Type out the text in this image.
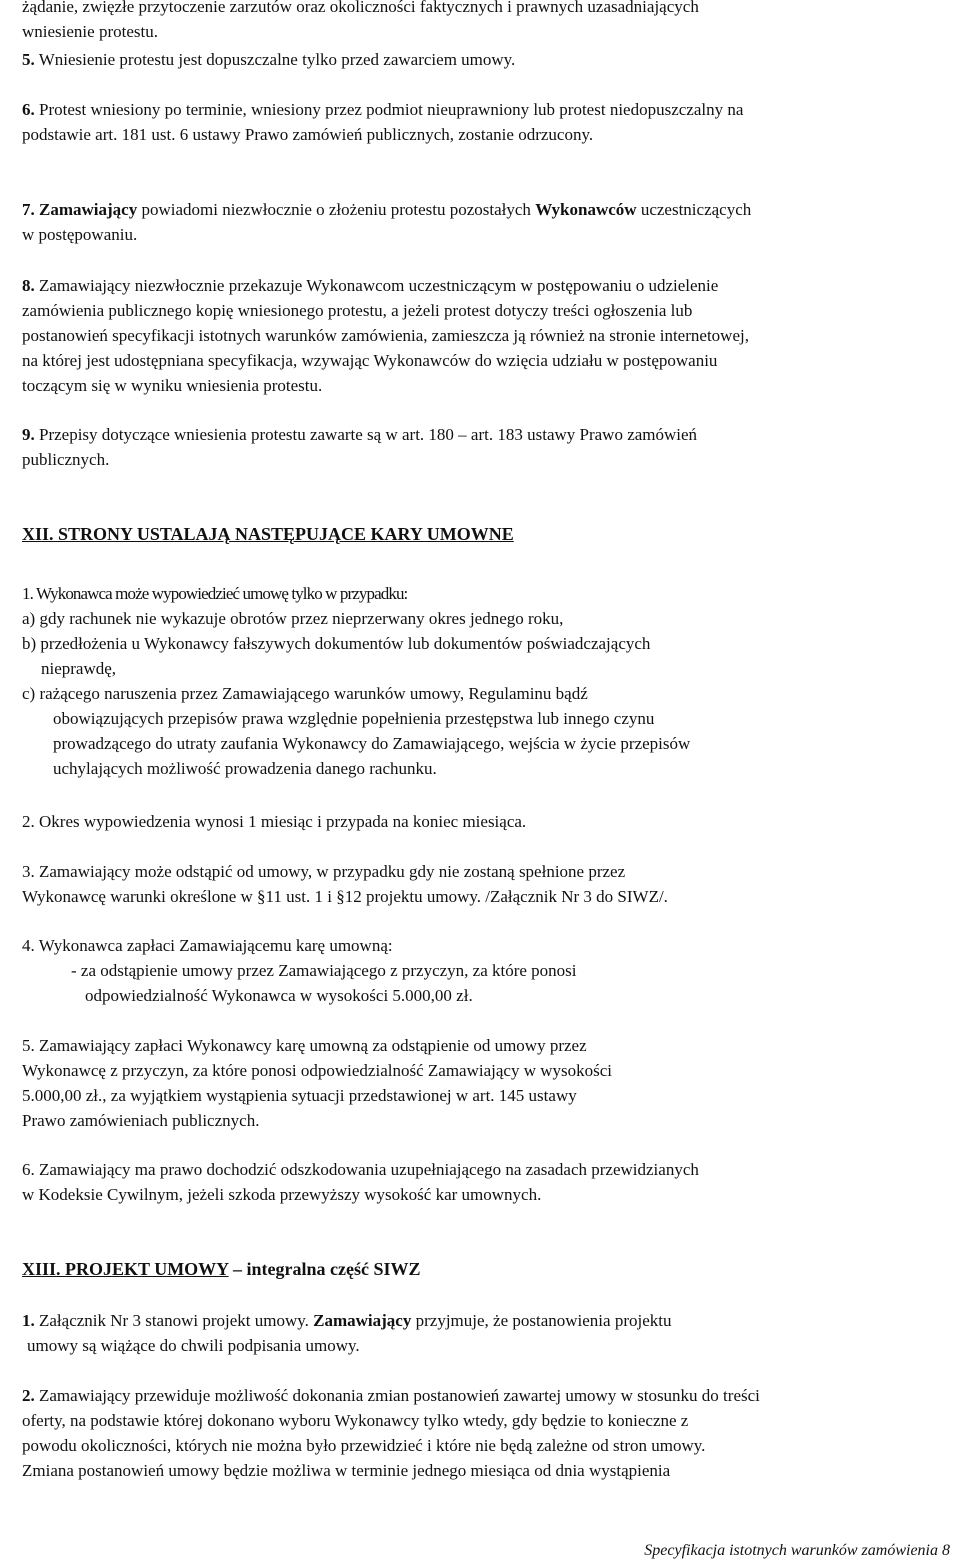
żądanie, zwięzłe przytoczenie zarzutów oraz okoliczności faktycznych i prawnych uzasadniających
wniesienie protestu.
5. Wniesienie protestu jest dopuszczalne tylko przed zawarciem umowy.
6. Protest wniesiony po terminie, wniesiony przez podmiot nieuprawniony lub protest niedopuszczalny na
podstawie art. 181 ust. 6 ustawy Prawo zamówień publicznych, zostanie odrzucony.
7. Zamawiający powiadomi niezwłocznie o złożeniu protestu pozostałych Wykonawców uczestniczących
w postępowaniu.
8. Zamawiający niezwłocznie przekazuje Wykonawcom uczestniczącym w postępowaniu o udzielenie
zamówienia publicznego kopię wniesionego protestu, a jeżeli protest dotyczy treści ogłoszenia lub
postanowień specyfikacji istotnych warunków zamówienia, zamieszcza ją również na stronie internetowej,
na której jest udostępniana specyfikacja, wzywając Wykonawców do wzięcia udziału w postępowaniu
toczącym się w wyniku wniesienia protestu.
9. Przepisy dotyczące wniesienia protestu zawarte są w art. 180 – art. 183 ustawy Prawo zamówień
publicznych.
XII. STRONY USTALAJĄ NASTĘPUJĄCE KARY UMOWNE
1. Wykonawca może wypowiedzieć umowę tylko w przypadku:
a) gdy rachunek nie wykazuje obrotów przez nieprzerwany okres jednego roku,
b) przedłożenia u Wykonawcy fałszywych dokumentów lub dokumentów poświadczających
nieprawdę,
c) rażącego naruszenia przez Zamawiającego warunków umowy, Regulaminu bądź
obowiązujących przepisów prawa względnie popełnienia przestępstwa lub innego czynu
prowadzącego do utraty zaufania Wykonawcy do Zamawiającego, wejścia w życie przepisów
uchylających możliwość prowadzenia danego rachunku.
2. Okres wypowiedzenia wynosi 1 miesiąc i przypada na koniec miesiąca.
3. Zamawiający może odstąpić od umowy, w przypadku gdy nie zostaną spełnione przez
Wykonawcę warunki określone w §11 ust. 1 i §12 projektu umowy. /Załącznik Nr 3 do SIWZ/.
4. Wykonawca zapłaci Zamawiającemu karę umowną:
- za odstąpienie umowy przez Zamawiającego z przyczyn, za które ponosi
odpowiedzialność Wykonawca w wysokości 5.000,00 zł.
5. Zamawiający zapłaci Wykonawcy karę umowną za odstąpienie od umowy przez
Wykonawcę z przyczyn, za które ponosi odpowiedzialność Zamawiający w wysokości
5.000,00 zł., za wyjątkiem wystąpienia sytuacji przedstawionej w art. 145 ustawy
Prawo zamówieniach publicznych.
6. Zamawiający ma prawo dochodzić odszkodowania uzupełniającego na zasadach przewidzianych
w Kodeksie Cywilnym, jeżeli szkoda przewyższy wysokość kar umownych.
XIII. PROJEKT UMOWY – integralna część SIWZ
1. Załącznik Nr 3 stanowi projekt umowy. Zamawiający przyjmuje, że postanowienia projektu
umowy są wiążące do chwili podpisania umowy.
2. Zamawiający przewiduje możliwość dokonania zmian postanowień zawartej umowy w stosunku do treści
oferty, na podstawie której dokonano wyboru Wykonawcy tylko wtedy, gdy będzie to konieczne z
powodu okoliczności, których nie można było przewidzieć i które nie będą zależne od stron umowy.
Zmiana postanowień umowy będzie możliwa w terminie jednego miesiąca od dnia wystąpienia
Specyfikacja istotnych warunków zamówienia 8
